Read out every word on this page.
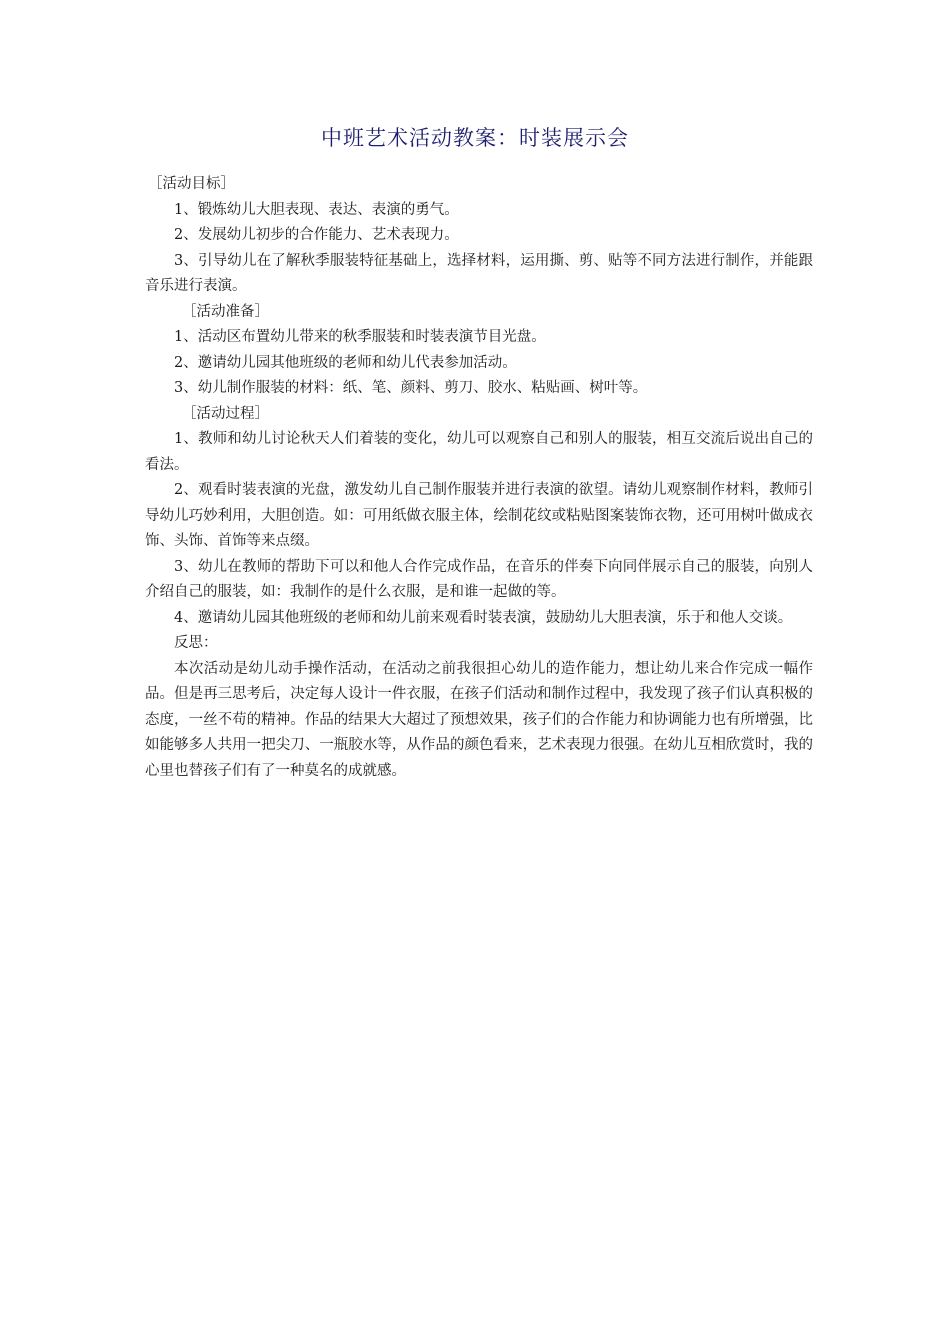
中班艺术活动教案：时装展示会

［活动目标］

1、锻炼幼儿大胆表现、表达、表演的勇气。

2、发展幼儿初步的合作能力、艺术表现力。

3、引导幼儿在了解秋季服装特征基础上，选择材料，运用撕、剪、贴等不同方法进行制作，并能跟音乐进行表演。

［活动准备］

1、活动区布置幼儿带来的秋季服装和时装表演节目光盘。

2、邀请幼儿园其他班级的老师和幼儿代表参加活动。

3、幼儿制作服装的材料：纸、笔、颜料、剪刀、胶水、粘贴画、树叶等。

［活动过程］

1、教师和幼儿讨论秋天人们着装的变化，幼儿可以观察自己和别人的服装，相互交流后说出自己的看法。

2、观看时装表演的光盘，激发幼儿自己制作服装并进行表演的欲望。请幼儿观察制作材料，教师引导幼儿巧妙利用，大胆创造。如：可用纸做衣服主体，绘制花纹或粘贴图案装饰衣物，还可用树叶做成衣饰、头饰、首饰等来点缀。

3、幼儿在教师的帮助下可以和他人合作完成作品，在音乐的伴奏下向同伴展示自己的服装，向别人介绍自己的服装，如：我制作的是什么衣服，是和谁一起做的等。

4、邀请幼儿园其他班级的老师和幼儿前来观看时装表演，鼓励幼儿大胆表演，乐于和他人交谈。

反思：

本次活动是幼儿动手操作活动，在活动之前我很担心幼儿的造作能力，想让幼儿来合作完成一幅作品。但是再三思考后，决定每人设计一件衣服，在孩子们活动和制作过程中，我发现了孩子们认真积极的态度，一丝不苟的精神。作品的结果大大超过了预想效果，孩子们的合作能力和协调能力也有所增强，比如能够多人共用一把尖刀、一瓶胶水等，从作品的颜色看来，艺术表现力很强。在幼儿互相欣赏时，我的心里也替孩子们有了一种莫名的成就感。
